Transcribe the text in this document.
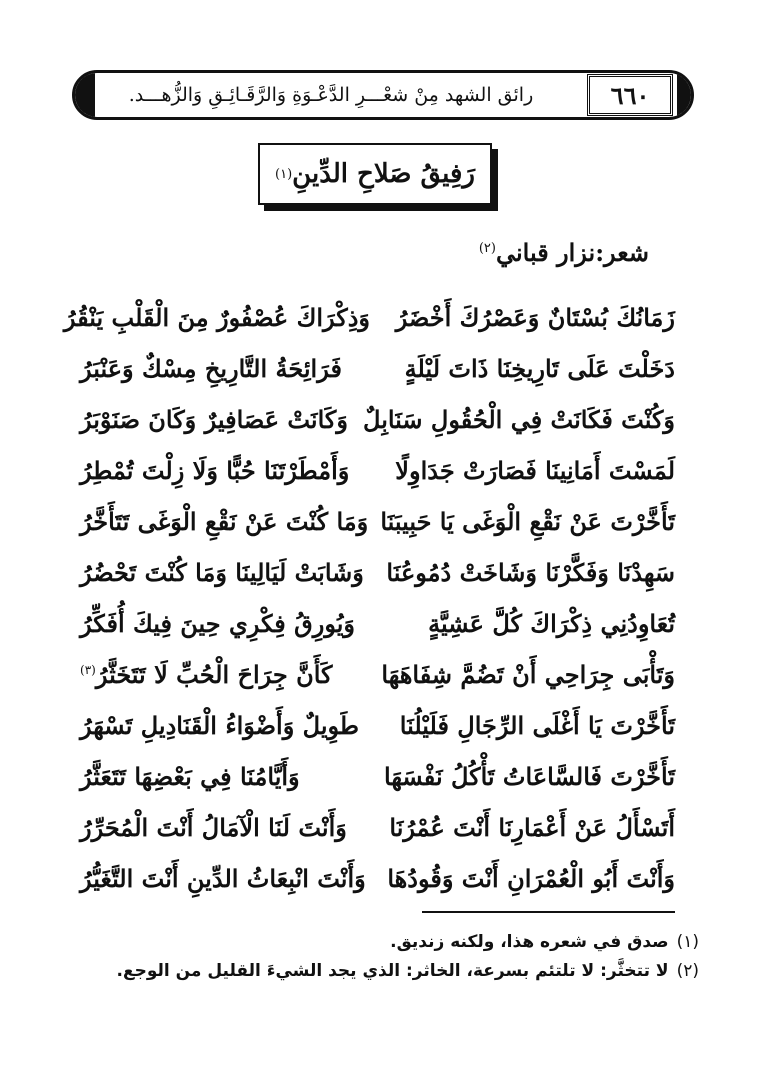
٦٦٠
رائق الشهد مِنْ شعْـــرِ الدَّعْـوَةِ وَالرَّقَـائِـقِ وَالزُّهـــد.
رَفِيقُ صَلاحِ الدِّينِ
(١)
شعر:نزار قباني$^{(٢)}$
زَمَانُكَ بُسْتَانٌ وَعَصْرُكَ أَخْضَرُ
وَذِكْرَاكَ عُصْفُورٌ مِنَ الْقَلْبِ يَنْقُرُ
دَخَلْتَ عَلَى تَارِيخِنَا ذَاتَ لَيْلَةٍ
فَرَائِحَةُ التَّارِيخِ مِسْكٌ وَعَنْبَرُ
وَكُنْتَ فَكَانَتْ فِي الْحُقُولِ سَنَابِلٌ
وَكَانَتْ عَصَافِيرٌ وَكَانَ صَنَوْبَرُ
لَمَسْتَ أَمَانِينَا فَصَارَتْ جَدَاوِلًا
وَأَمْطَرْتَنَا حُبًّا وَلَا زِلْتَ تُمْطِرُ
تَأَخَّرْتَ عَنْ نَقْعِ الْوَغَى يَا حَبِيبَنَا
وَمَا كُنْتَ عَنْ نَقْعِ الْوَغَى تَتَأَخَّرُ
سَهِدْنَا وَفَكَّرْنَا وَشَاخَتْ دُمُوعُنَا
وَشَابَتْ لَيَالِينَا وَمَا كُنْتَ تَحْضُرُ
تُعَاوِدُنِي ذِكْرَاكَ كُلَّ عَشِيَّةٍ
وَيُورِقُ فِكْرِي حِينَ فِيكَ أُفَكِّرُ
وَتَأْبَى جِرَاحِي أَنْ تَضُمَّ شِفَاهَهَا
كَأَنَّ جِرَاحَ الْحُبِّ لَا تَتَخَثَّرُ$^{(٣)}$
تَأَخَّرْتَ يَا أَغْلَى الرِّجَالِ فَلَيْلُنَا
طَوِيلٌ وَأَضْوَاءُ الْقَنَادِيلِ تَسْهَرُ
تَأَخَّرْتَ فَالسَّاعَاتُ تَأْكُلُ نَفْسَهَا
وَأَيَّامُنَا فِي بَعْضِهَا تَتَعَثَّرُ
أَتَسْأَلُ عَنْ أَعْمَارِنَا أَنْتَ عُمْرُنَا
وَأَنْتَ لَنَا الْآمَالُ أَنْتَ الْمُحَرِّرُ
وَأَنْتَ أَبُو الْعُمْرَانِ أَنْتَ وَقُودُهَا
وَأَنْتَ انْبِعَاثُ الدِّينِ أَنْتَ التَّغَيُّرُ
(١)صدق في شعره هذا، ولكنه زنديق.
(٢)لا تتخثَّر: لا تلتئم بسرعة، الخاثر: الذي يجد الشيءَ القليل من الوجع.
